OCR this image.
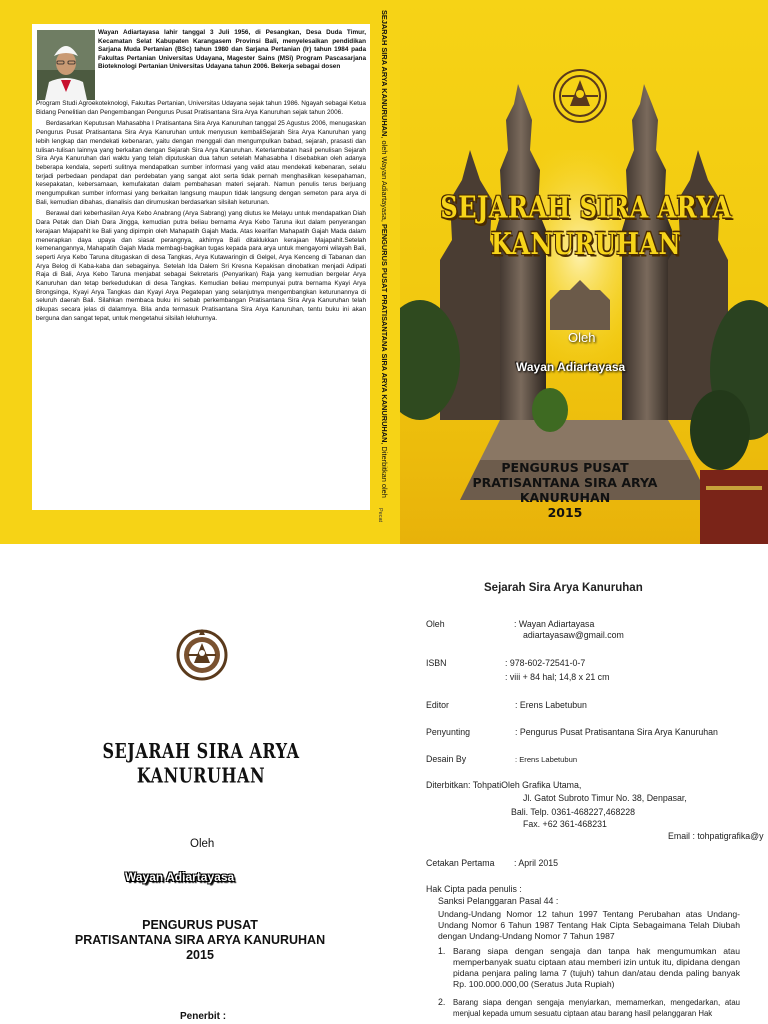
Wayan Adiartayasa lahir tanggal 3 Juli 1956, di Pesangkan, Desa Duda Timur, Kecamatan Selat Kabupaten Karangasem Provinsi Bali, menyelesaikan pendidikan Sarjana Muda Pertanian (BSc) tahun 1980 dan Sarjana Pertanian (Ir) tahun 1984 pada Fakultas Pertanian Universitas Udayana, Magester Sains (MSi) Program Pascasarjana Bioteknologi Pertanian Universitas Udayana tahun 2006. Bekerja sebagai dosen

Program Studi Agroekoteknologi, Fakultas Pertanian, Universitas Udayana sejak tahun 1986. Ngayah sebagai Ketua Bidang Penelitian dan Pengembangan Pengurus Pusat Pratisantana Sira Arya Kanuruhan sejak tahun 2006.

Berdasarkan Keputusan Mahasabha I Pratisantana Sira Arya Kanuruhan tanggal 25 Agustus 2006, menugaskan Pengurus Pusat Pratisantana Sira Arya Kanuruhan untuk menyusun kembaliSejarah Sira Arya Kanuruhan yang lebih lengkap dan mendekati kebenaran, yaitu dengan menggali dan mengumpulkan babad, sejarah, prasasti dan tulisan-tulisan lainnya yang berkaitan dengan Sejarah Sira Arya Kanuruhan. Keterlambatan hasil penulisan Sejarah Sira Arya Kanuruhan dari waktu yang telah diputuskan dua tahun setelah Mahasabha I disebabkan oleh adanya beberapa kendala, seperti sulitnya mendapatkan sumber informasi yang valid atau mendekati kebenaran, selalu terjadi perbedaan pendapat dan perdebatan yang sangat alot serta tidak pernah menghasilkan kesepahaman, kesepakatan, kebersamaan, kemufakatan dalam pembahasan materi sejarah. Namun penulis terus berjuang mengumpulkan sumber informasi yang berkaitan langsung maupun tidak langsung dengan semeton para arya di Bali, kemudian dibahas, dianalisis dan dirumuskan berdasarkan silsilah keturunan.

Berawal dari keberhasilan Arya Kebo Anabrang (Arya Sabrang) yang diutus ke Melayu untuk mendapatkan Diah Dara Petak dan Diah Dara Jingga, kemudian putra beliau bernama Arya Kebo Taruna ikut dalam penyerangan kerajaan Majapahit ke Bali yang dipimpin oleh Mahapatih Gajah Mada. Atas kearifan Mahapatih Gajah Mada dalam menerapkan daya upaya dan siasat perangnya, akhirnya Bali ditaklukkan kerajaan Majapahit.Setelah kemenangannya, Mahapatih Gajah Mada membagi-bagikan tugas kepada para arya untuk mengayomi wilayah Bali, seperti Arya Kebo Taruna ditugaskan di desa Tangkas, Arya Kutawaringin di Gelgel, Arya Kenceng di Tabanan dan Arya Belog di Kaba-kaba dan sebagainya. Setelah Ida Dalem Sri Kresna Kepakisan dinobatkan menjadi Adipati Raja di Bali, Arya Kebo Taruna menjabat sebagai Sekretaris (Penyarikan) Raja yang kemudian bergelar Arya Kanuruhan dan tetap berkedudukan di desa Tangkas. Kemudian beliau mempunyai putra bernama Kyayi Arya Brongsinga, Kyayi Arya Tangkas dan Kyayi Arya Pegatepan yang selanjutnya mengembangkan keturunannya di seluruh daerah Bali. Silahkan membaca buku ini sebab perkembangan Pratisantana Sira Arya Kanuruhan telah dikupas secara jelas di dalamnya. Bila anda termasuk Pratisantana Sira Arya Kanuruhan, tentu buku ini akan berguna dan sangat tepat, untuk mengetahui silsilah leluhurnya.

SEJARAH SIRA ARYA KANURUHAN, oleh Wayan Adiartayasa, PENGURUS PUSAT PRATISANTANA SIRA ARYA KANURUHAN, Diterbitkan oleh
Pecat
SEJARAH SIRA ARYA KANURUHAN
Oleh
Wayan Adiartayasa
PENGURUS PUSAT
PRATISANTANA SIRA ARYA KANURUHAN
2015
SEJARAH SIRA ARYA KANURUHAN
Oleh
Wayan Adiartayasa
PENGURUS PUSAT
PRATISANTANA SIRA ARYA KANURUHAN
2015
Penerbit :
Sejarah Sira Arya Kanuruhan
Oleh	: Wayan Adiartayasa
adiartayasaw@gmail.com
ISBN	: 978-602-72541-0-7
: viii + 84 hal; 14,8 x 21 cm
Editor	: Erens Labetubun
Penyunting	: Pengurus Pusat Pratisantana Sira Arya Kanuruhan
Desain By	: Erens Labetubun
Diterbitkan: TohpatiOleh Grafika Utama,
Jl. Gatot Subroto Timur No. 38, Denpasar,
Bali. Telp. 0361-468227,468228
Fax. +62 361-468231
Email : tohpatigrafika@y
Cetakan Pertama : April 2015
Hak Cipta pada penulis :
Sanksi Pelanggaran Pasal 44 :
Undang-Undang Nomor 12 tahun 1997 Tentang Perubahan atas Undang-Undang Nomor 6 Tahun 1987 Tentang Hak Cipta Sebagaimana Telah Diubah dengan Undang-Undang Nomor 7 Tahun 1987
1. Barang siapa dengan sengaja dan tanpa hak mengumumkan atau memperbanyak suatu ciptaan atau memberi izin untuk itu, dipidana dengan pidana penjara paling lama 7 (tujuh) tahun dan/atau denda paling banyak Rp. 100.000.000,00 (Seratus Juta Rupiah)
2. Barang siapa dengan sengaja menyiarkan, memamerkan, mengedarkan, atau menjual kepada umum sesuatu ciptaan atau barang hasil pelanggaran Hak
